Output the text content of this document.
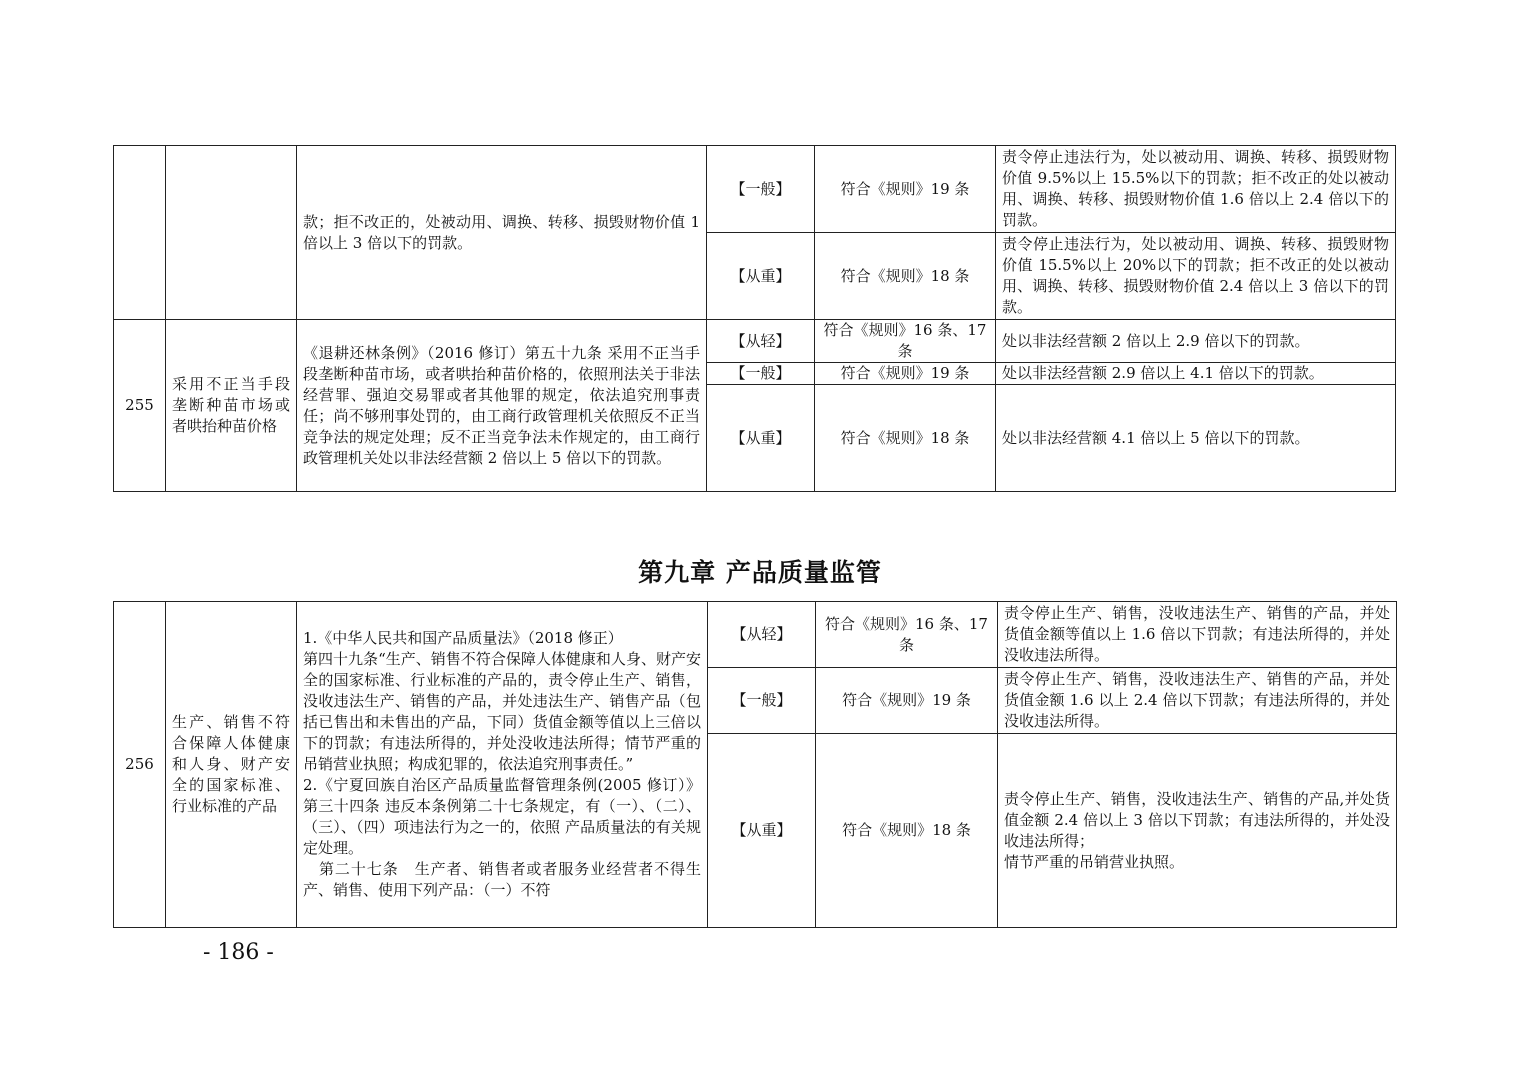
		款；拒不改正的，处被动用、调换、转移、损毁财物价值 1 倍以上 3 倍以下的罚款。	【一般】	符合《规则》19 条	责令停止违法行为，处以被动用、调换、转移、损毁财物价值 9.5%以上 15.5%以下的罚款；拒不改正的处以被动用、调换、转移、损毁财物价值 1.6 倍以上 2.4 倍以下的罚款。
			【从重】	符合《规则》18 条	责令停止违法行为，处以被动用、调换、转移、损毁财物价值 15.5%以上 20%以下的罚款；拒不改正的处以被动用、调换、转移、损毁财物价值 2.4 倍以上 3 倍以下的罚款。
255	采用不正当手段垄断种苗市场或者哄抬种苗价格	《退耕还林条例》（2016 修订）第五十九条 采用不正当手段垄断种苗市场，或者哄抬种苗价格的，依照刑法关于非法经营罪、强迫交易罪或者其他罪的规定，依法追究刑事责任；尚不够刑事处罚的，由工商行政管理机关依照反不正当竞争法的规定处理；反不正当竞争法未作规定的，由工商行政管理机关处以非法经营额 2 倍以上 5 倍以下的罚款。	【从轻】	符合《规则》16 条、17 条	处以非法经营额 2 倍以上 2.9 倍以下的罚款。
			【一般】	符合《规则》19 条	处以非法经营额 2.9 倍以上 4.1 倍以下的罚款。
			【从重】	符合《规则》18 条	处以非法经营额 4.1 倍以上 5 倍以下的罚款。
第九章 产品质量监管
256	生产、销售不符合保障人体健康和人身、财产安全的国家标准、行业标准的产品	1.《中华人民共和国产品质量法》（2018 修正）
第四十九条“生产、销售不符合保障人体健康和人身、财产安全的国家标准、行业标准的产品的，责令停止生产、销售，没收违法生产、销售的产品，并处违法生产、销售产品（包括已售出和未售出的产品，下同）货值金额等值以上三倍以下的罚款；有违法所得的，并处没收违法所得；情节严重的吊销营业执照；构成犯罪的，依法追究刑事责任。”
2.《宁夏回族自治区产品质量监督管理条例(2005 修订）》第三十四条 违反本条例第二十七条规定，有（一）、（二）、（三）、（四）项违法行为之一的，依照 产品质量法的有关规定处理。
　第二十七条　生产者、销售者或者服务业经营者不得生产、销售、使用下列产品：（一）不符	【从轻】	符合《规则》16 条、17 条	责令停止生产、销售，没收违法生产、销售的产品，并处货值金额等值以上 1.6 倍以下罚款；有违法所得的，并处没收违法所得。
			【一般】	符合《规则》19 条	责令停止生产、销售，没收违法生产、销售的产品，并处货值金额 1.6 以上 2.4 倍以下罚款；有违法所得的，并处没收违法所得。
			【从重】	符合《规则》18 条	责令停止生产、销售，没收违法生产、销售的产品,并处货值金额 2.4 倍以上 3 倍以下罚款；有违法所得的，并处没收违法所得；
情节严重的吊销营业执照。
- 186 -
